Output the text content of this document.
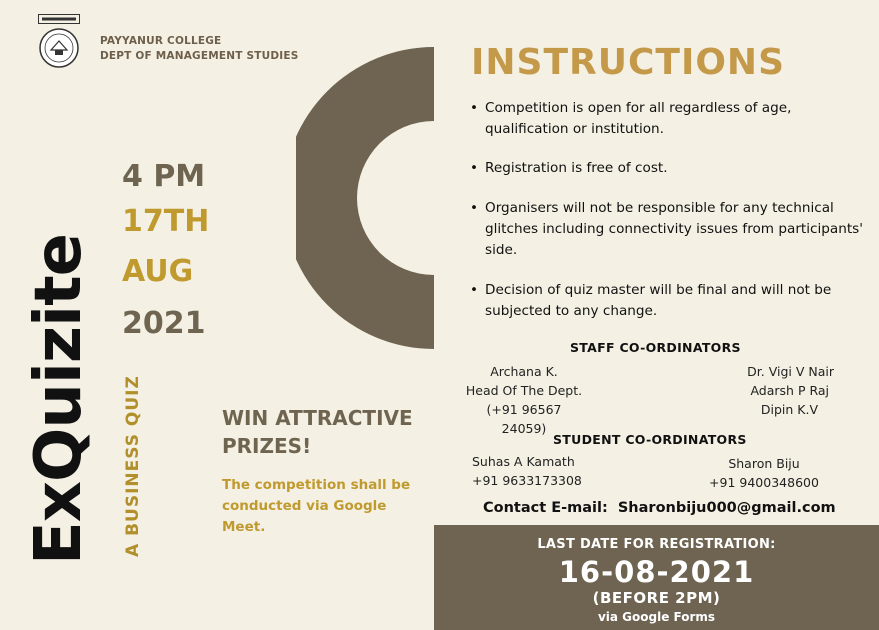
PAYYANUR COLLEGE
DEPT OF MANAGEMENT STUDIES
ExQuizite A BUSINESS QUIZ
4 PM
17TH
AUG
2021
WIN ATTRACTIVE
PRIZES!
The competition shall be conducted via Google Meet.
INSTRUCTIONS
• Competition is open for all regardless of age, qualification or institution.
• Registration is free of cost.
• Organisers will not be responsible for any technical glitches including connectivity issues from participants' side.
• Decision of quiz master will be final and will not be subjected to any change.
STAFF CO-ORDINATORS
Archana K.
Head Of The Dept.
(+91 96567 24059)
Dr. Vigi V Nair
Adarsh P Raj
Dipin K.V
STUDENT CO-ORDINATORS
Suhas A Kamath
+91 9633173308
Sharon Biju
+91 9400348600
Contact E-mail:  Sharonbiju000@gmail.com
LAST DATE FOR REGISTRATION:
16-08-2021
(BEFORE 2PM)
via Google Forms
